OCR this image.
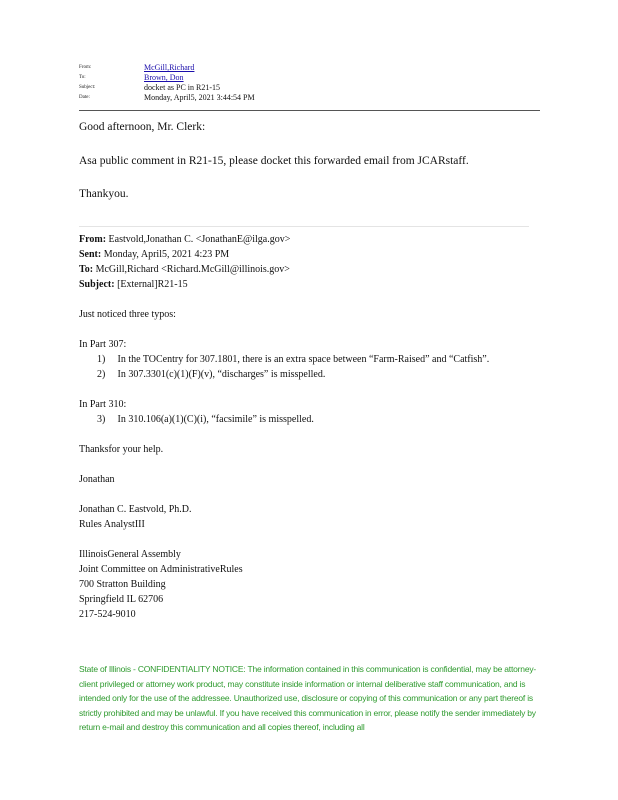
From:	McGill,Richard
To:	Brown, Don
Subject:	docket as PC in R21-15
Date:	Monday, April5, 2021 3:44:54 PM
Good afternoon, Mr. Clerk:
Asa public comment in R21-15, please docket this forwarded email from JCARstaff.
Thankyou.
From: Eastvold,Jonathan C. <JonathanE@ilga.gov>
Sent: Monday, April5, 2021 4:23 PM
To: McGill,Richard <Richard.McGill@illinois.gov>
Subject: [External]R21-15
Just noticed three typos:
In Part 307:
1) In the TOCentry for 307.1801, there is an extra space between “Farm-Raised” and “Catfish”.
2) In 307.3301(c)(1)(F)(v), “discharges” is misspelled.
In Part 310:
3) In 310.106(a)(1)(C)(i), “facsimile” is misspelled.
Thanksfor your help.
Jonathan
Jonathan C. Eastvold, Ph.D.
Rules AnalystIII
IllinoisGeneral Assembly
Joint Committee on AdministrativeRules
700 Stratton Building
Springfield IL 62706
217-524-9010
State of Illinois - CONFIDENTIALITY NOTICE: The information contained in this communication is confidential, may be attorney-client privileged or attorney work product, may constitute inside information or internal deliberative staff communication, and is intended only for the use of the addressee. Unauthorized use, disclosure or copying of this communication or any part thereof is strictly prohibited and may be unlawful. If you have received this communication in error, please notify the sender immediately by return e-mail and destroy this communication and all copies thereof, including all
